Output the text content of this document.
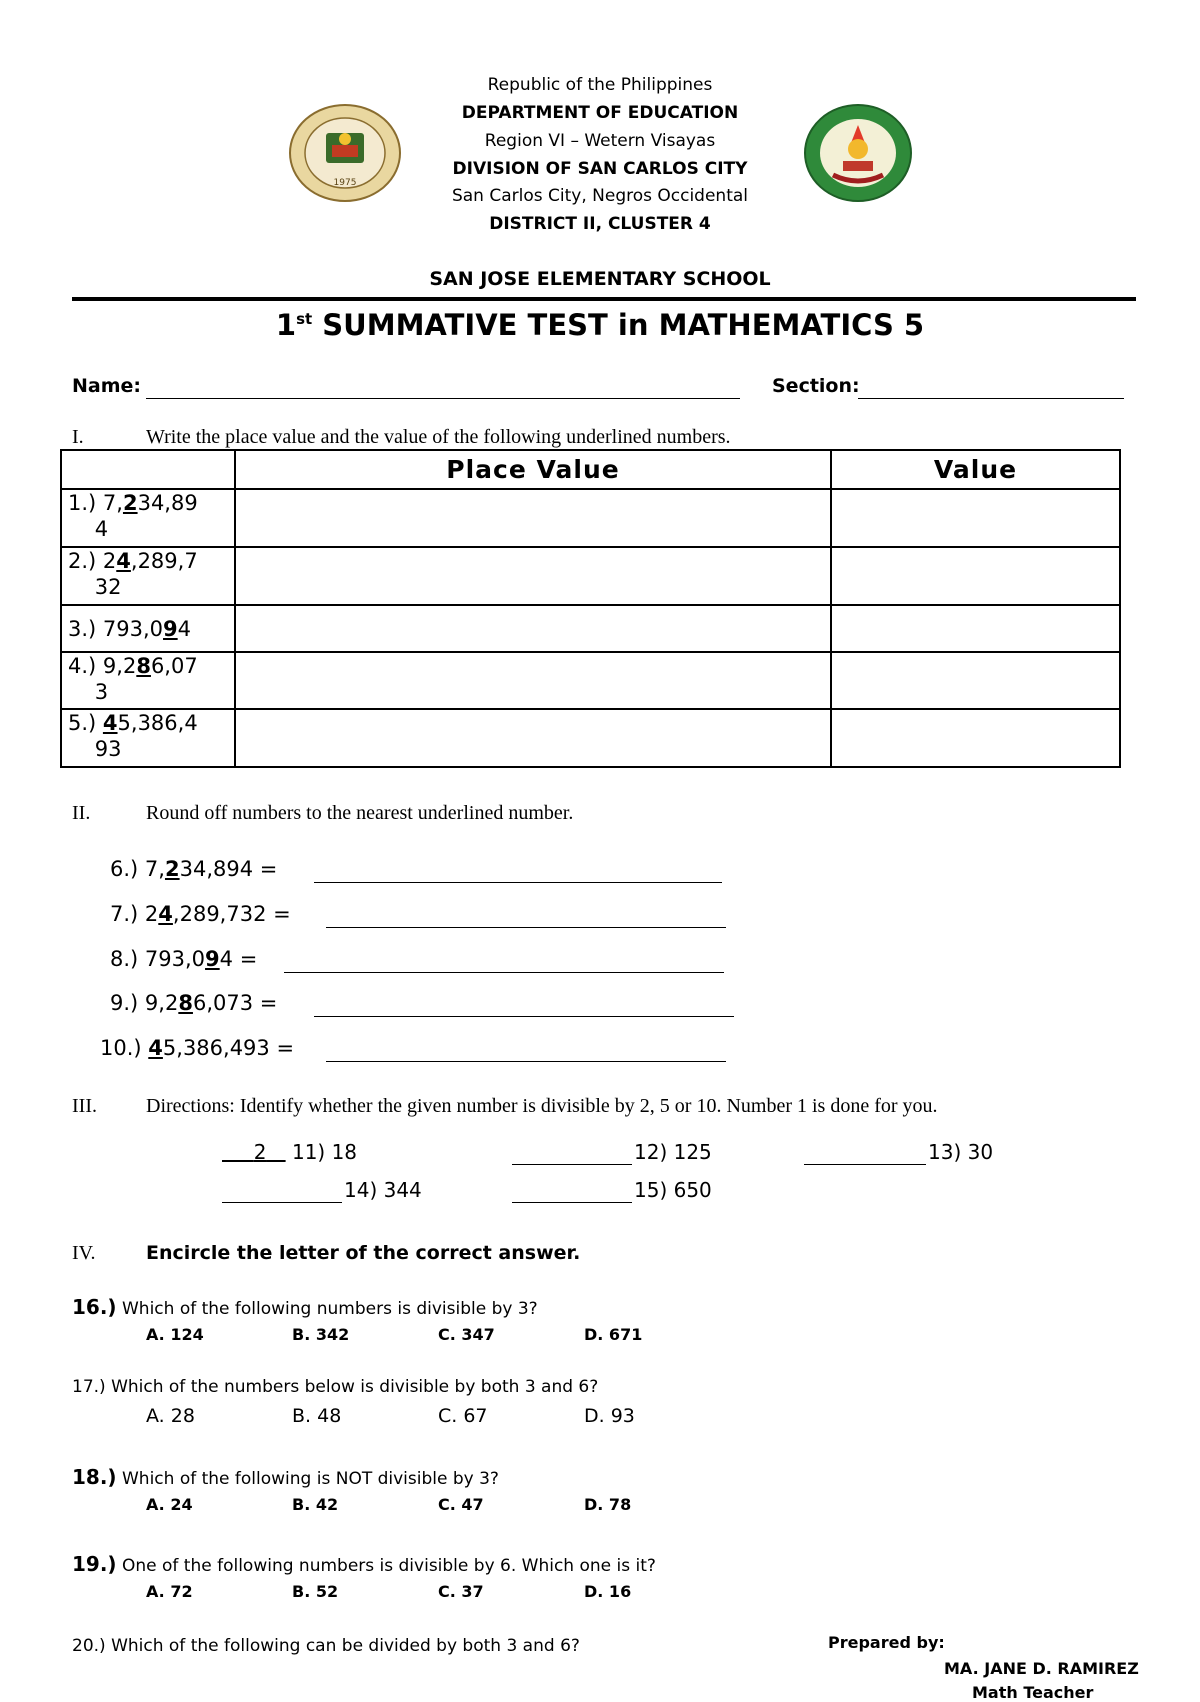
1975
Republic of the Philippines
DEPARTMENT OF EDUCATION
Region VI – Wetern Visayas
DIVISION OF SAN CARLOS CITY
San Carlos City, Negros Occidental
DISTRICT II, CLUSTER 4
SAN JOSE ELEMENTARY SCHOOL
1st SUMMATIVE TEST in MATHEMATICS 5
Name:	Section:
I.	Write the place value and the value of the following underlined numbers.
	Place Value	Value
1.) 7,234,89
4		
2.) 24,289,7
32		
3.) 793,094		
4.) 9,286,07
3		
5.) 45,386,4
93		
II.	Round off numbers to the nearest underlined number.
6.) 7,234,894 =
7.) 24,289,732 =
8.) 793,094 =
9.) 9,286,073 =
10.) 45,386,493 =
III. Directions: Identify whether the given number is divisible by 2, 5 or 10. Number 1 is done for you.
2 11) 18	12) 125	13) 30
14) 344	15) 650
IV.	Encircle the letter of the correct answer.
16.) Which of the following numbers is divisible by 3?
A. 124	B. 342	C. 347	D. 671
17.) Which of the numbers below is divisible by both 3 and 6?
A. 28	B. 48	C. 67	D. 93
18.) Which of the following is NOT divisible by 3?
A. 24	B. 42	C. 47	D. 78
19.) One of the following numbers is divisible by 6. Which one is it?
A. 72	B. 52	C. 37	D. 16
20.) Which of the following can be divided by both 3 and 6?	Prepared by:
MA. JANE D. RAMIREZ
Math Teacher
